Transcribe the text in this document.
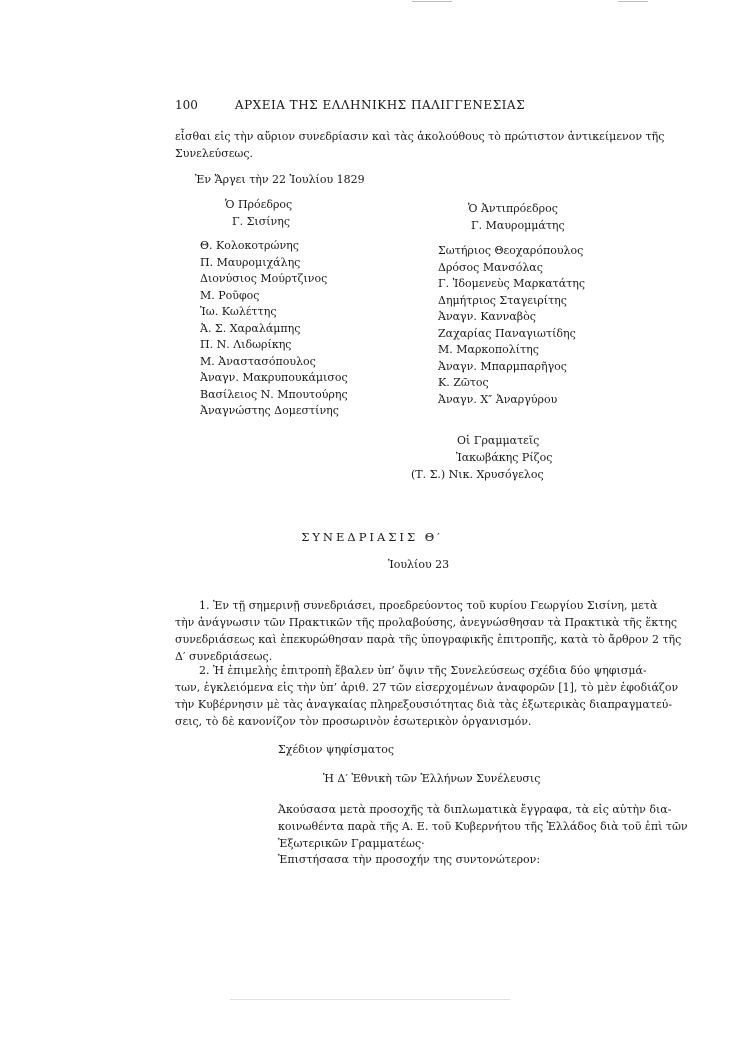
100	ΑΡΧΕΙΑ ΤΗΣ ΕΛΛΗΝΙΚΗΣ ΠΑΛΙΓΓΕΝΕΣΙΑΣ
εἶσθαι εἰς τὴν αὔριον συνεδρίασιν καὶ τὰς ἀκολούθους τὸ πρώτιστον ἀντικείμενον τῆς
Συνελεύσεως.
Ἐν Ἄργει τὴν 22 Ἰουλίου 1829
Ὁ Πρόεδρος
Γ. Σισίνης
Ὁ Ἀντιπρόεδρος
Γ. Μαυρομμάτης
Θ. Κολοκοτρώνης
Π. Μαυρομιχάλης
Διονύσιος Μούρτζινος
Μ. Ροῦφος
Ἰω. Κωλέττης
Ἀ. Σ. Χαραλάμπης
Π. Ν. Λιδωρίκης
Μ. Ἀναστασόπουλος
Ἀναγν. Μακρυπουκάμισος
Βασίλειος Ν. Μπουτούρης
Ἀναγνώστης Δομεστίνης
Σωτήριος Θεοχαρόπουλος
Δρόσος Μανσόλας
Γ. Ἰδομενεὺς Μαρκατάτης
Δημήτριος Σταγειρίτης
Ἀναγν. Κανναβὸς
Ζαχαρίας Παναγιωτίδης
Μ. Μαρκοπολίτης
Ἀναγν. Μπαρμπαρῆγος
Κ. Ζῶτος
Ἀναγν. Χ″ Ἀναργύρου
Οἱ Γραμματεῖς
Ἰακωβάκης Ρίζος
(Τ. Σ.) Νικ. Χρυσόγελος
ΣΥΝΕΔΡΙΑΣΙΣ Θ′
Ἰουλίου 23
1. Ἐν τῇ σημερινῇ συνεδριάσει, προεδρεύοντος τοῦ κυρίου Γεωργίου Σισίνη, μετὰ
τὴν ἀνάγνωσιν τῶν Πρακτικῶν τῆς προλαβούσης, ἀνεγνώσθησαν τὰ Πρακτικὰ τῆς ἕκτης
συνεδριάσεως καὶ ἐπεκυρώθησαν παρὰ τῆς ὑπογραφικῆς ἐπιτροπῆς, κατὰ τὸ ἄρθρον 2 τῆς
Δ′ συνεδριάσεως.
2. Ἡ ἐπιμελὴς ἐπιτροπὴ ἔβαλεν ὑπ’ ὄψιν τῆς Συνελεύσεως σχέδια δύο ψηφισμά-
των, ἐγκλειόμενα εἰς τὴν ὑπ’ ἀριθ. 27 τῶν εἰσερχομένων ἀναφορῶν [1], τὸ μὲν ἐφοδιάζον
τὴν Κυβέρνησιν μὲ τὰς ἀναγκαίας πληρεξουσιότητας διὰ τὰς ἐξωτερικὰς διαπραγματεύ-
σεις, τὸ δὲ κανονίζον τὸν προσωρινὸν ἐσωτερικὸν ὀργανισμόν.
Σχέδιον ψηφίσματος
Ἡ Δ′ Ἐθνικὴ τῶν Ἑλλήνων Συνέλευσις
Ἀκούσασα μετὰ προσοχῆς τὰ διπλωματικὰ ἔγγραφα, τὰ εἰς αὐτὴν δια-
κοινωθέντα παρὰ τῆς Α. Ε. τοῦ Κυβερνήτου τῆς Ἑλλάδος διὰ τοῦ ἐπὶ τῶν
Ἐξωτερικῶν Γραμματέως·
Ἐπιστήσασα τὴν προσοχήν της συντονώτερον:
